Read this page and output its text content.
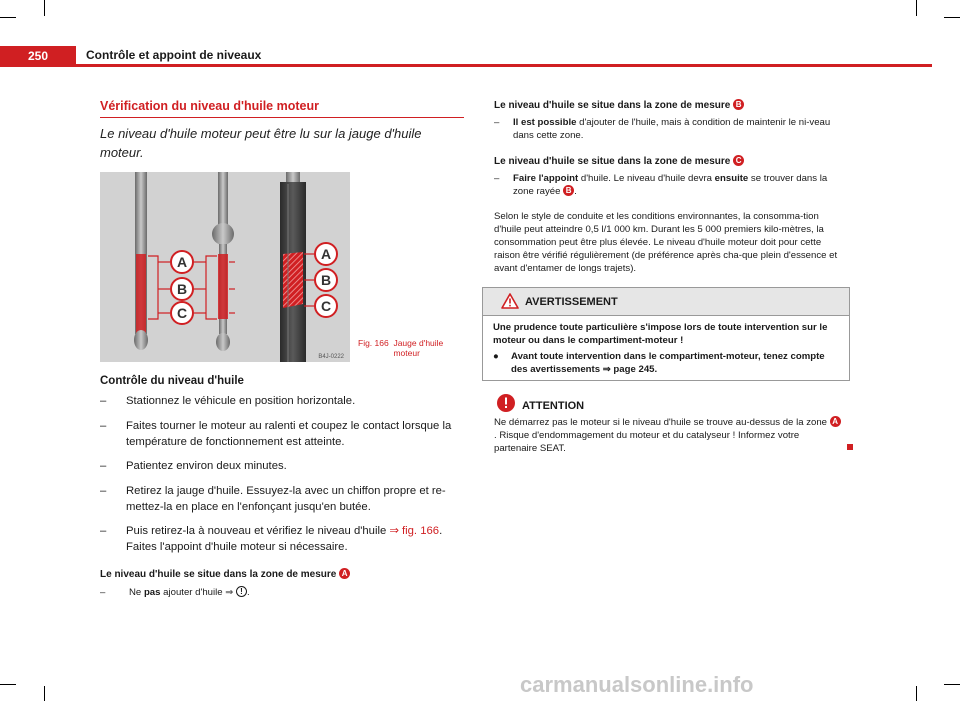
250	Contrôle et appoint de niveaux
Vérification du niveau d'huile moteur
Le niveau d'huile moteur peut être lu sur la jauge d'huile moteur.
A
B
C
A
B
C
B4J-0222
Fig. 166 Jauge d'huile moteur
Contrôle du niveau d'huile
– Stationnez le véhicule en position horizontale.
– Faites tourner le moteur au ralenti et coupez le contact lorsque la température de fonctionnement est atteinte.
– Patientez environ deux minutes.
– Retirez la jauge d'huile. Essuyez-la avec un chiffon propre et re-mettez-la en place en l'enfonçant jusqu'en butée.
– Puis retirez-la à nouveau et vérifiez le niveau d'huile ⇒ fig. 166. Faites l'appoint d'huile moteur si nécessaire.
Le niveau d'huile se situe dans la zone de mesure A
– Ne pas ajouter d'huile ⇒ ! .
Le niveau d'huile se situe dans la zone de mesure B
– Il est possible d'ajouter de l'huile, mais à condition de maintenir le ni-veau dans cette zone.
Le niveau d'huile se situe dans la zone de mesure C
– Faire l'appoint d'huile. Le niveau d'huile devra ensuite se trouver dans la zone rayée B .
Selon le style de conduite et les conditions environnantes, la consomma-tion d'huile peut atteindre 0,5 l/1 000 km. Durant les 5 000 premiers kilo-mètres, la consommation peut être plus élevée. Le niveau d'huile moteur doit pour cette raison être vérifié régulièrement (de préférence après cha-que plein d'essence et avant d'entamer de longs trajets).
AVERTISSEMENT
Une prudence toute particulière s'impose lors de toute intervention sur le moteur ou dans le compartiment-moteur !
● Avant toute intervention dans le compartiment-moteur, tenez compte des avertissements ⇒ page 245.
ATTENTION
Ne démarrez pas le moteur si le niveau d'huile se trouve au-dessus de la zone A. Risque d'endommagement du moteur et du catalyseur ! Informez votre partenaire SEAT.
carmanualsonline.info
